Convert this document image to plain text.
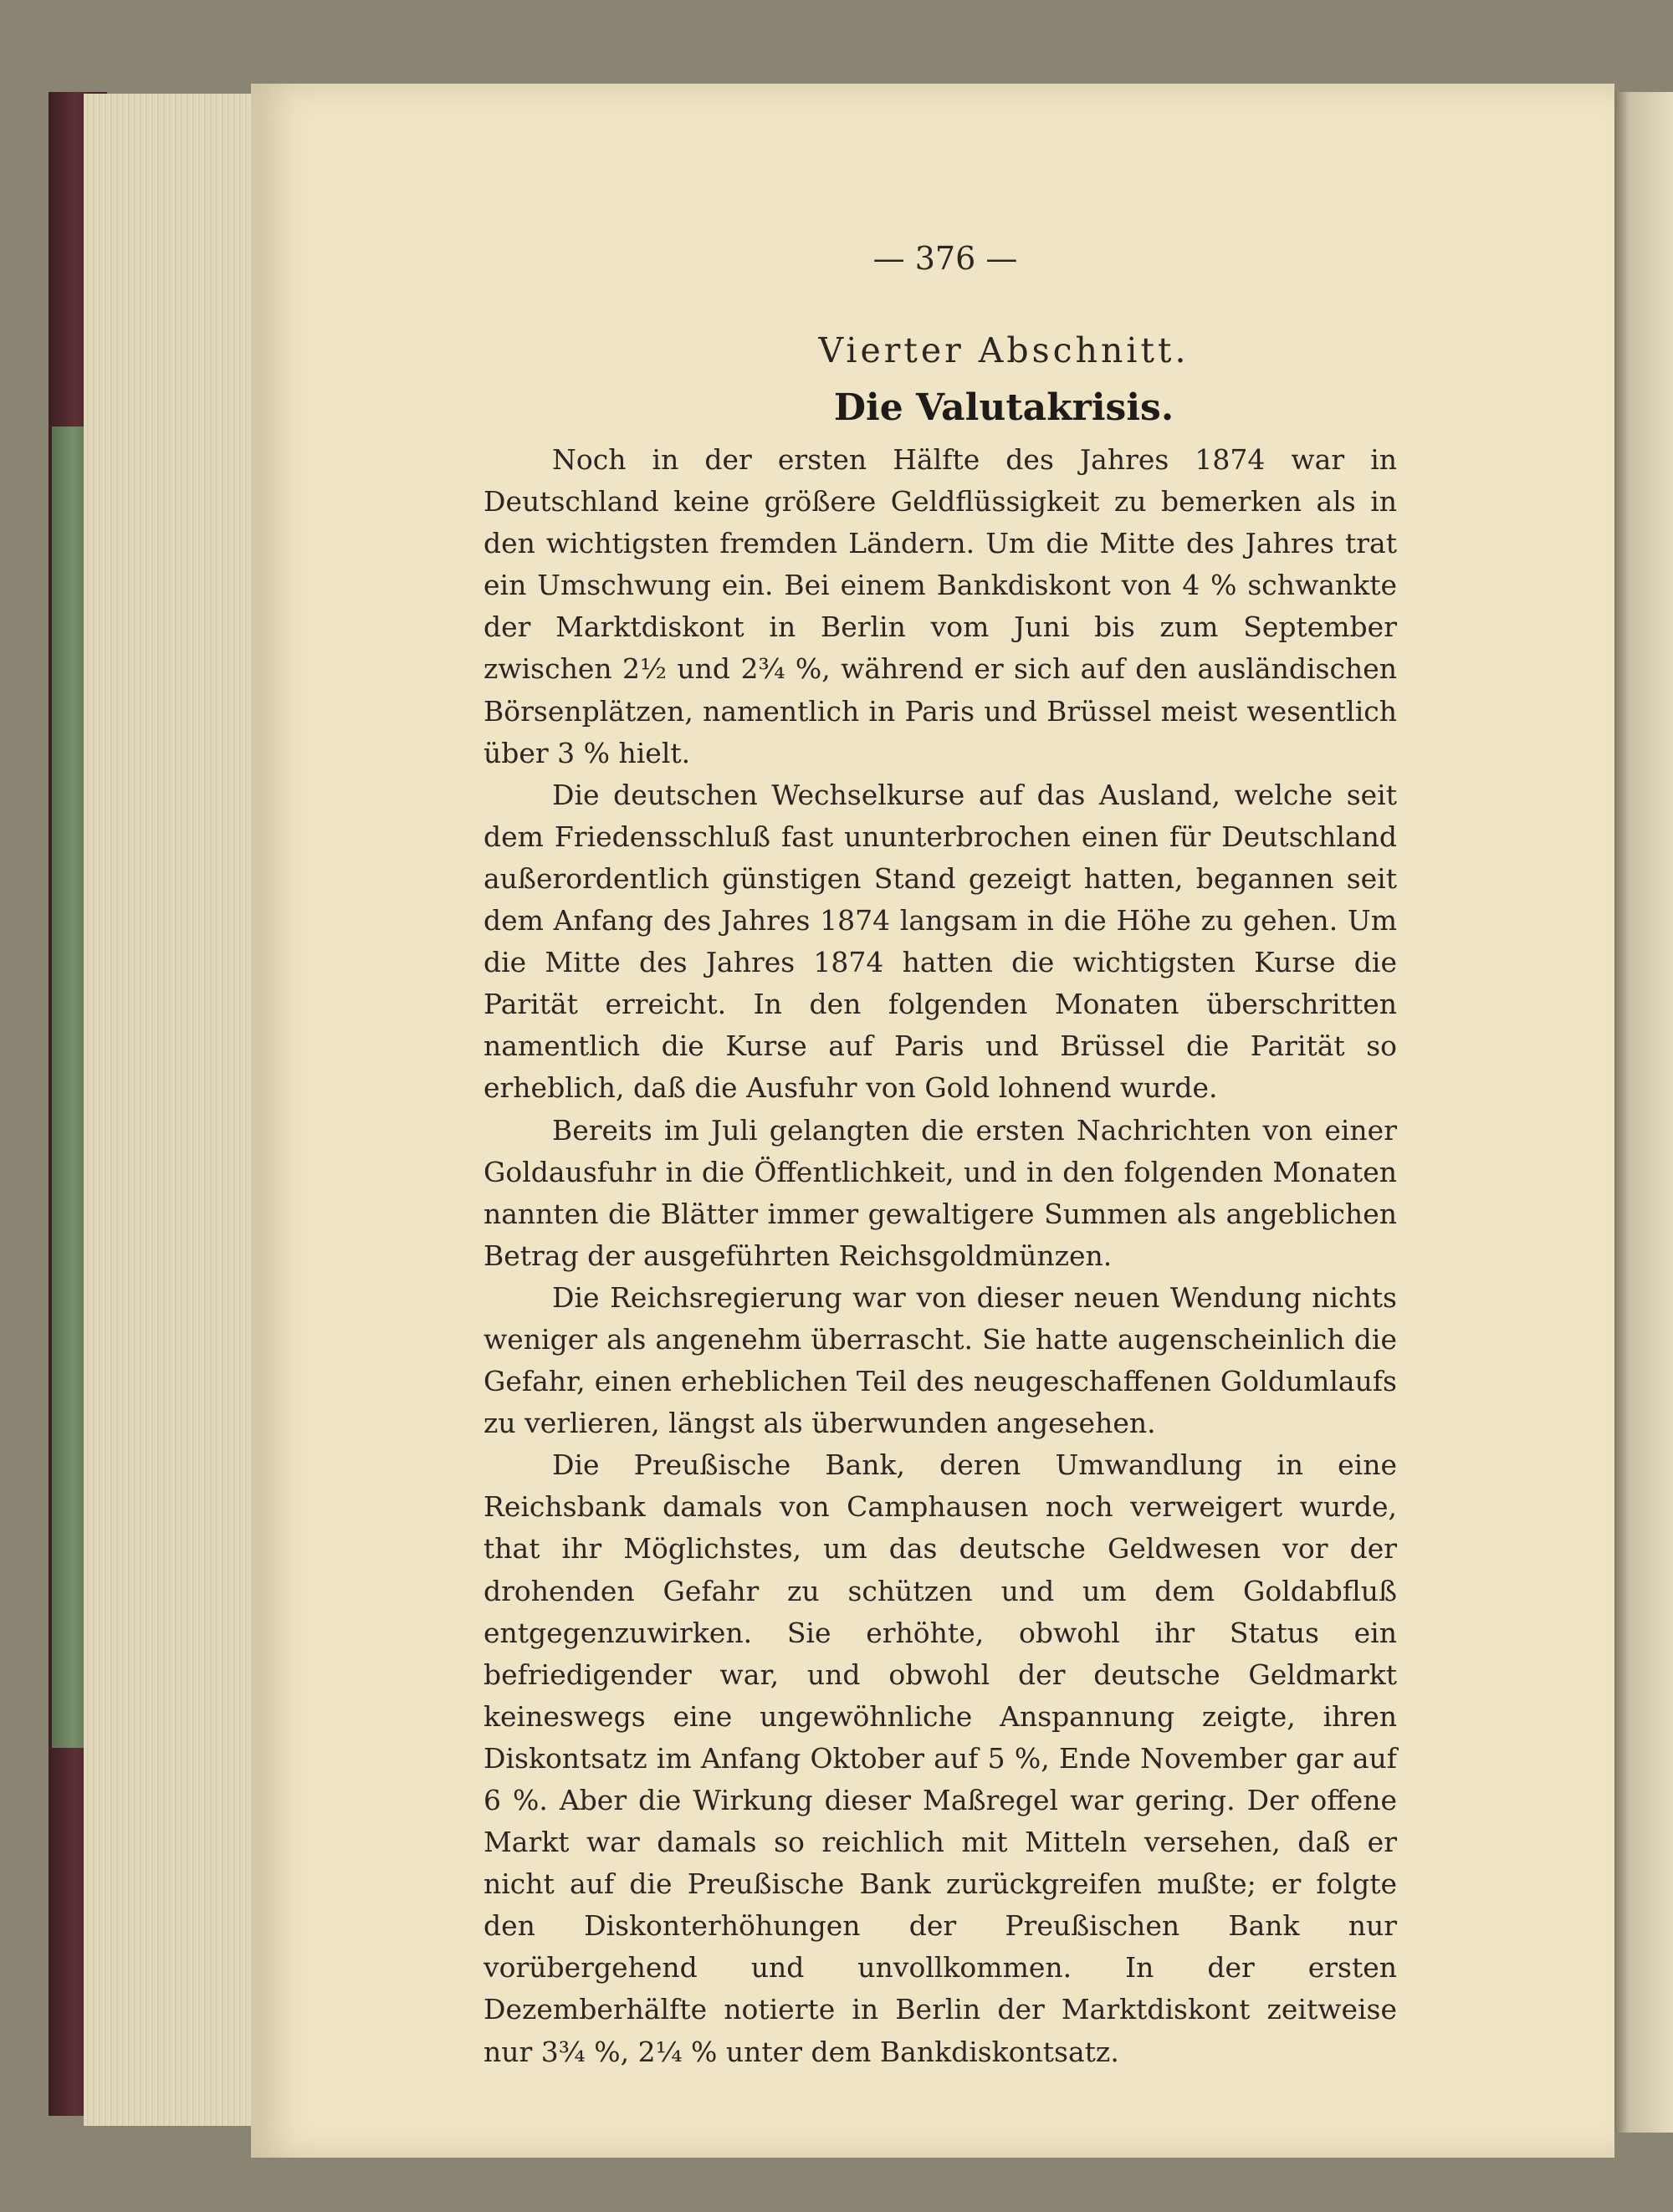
— 376 —
Vierter Abschnitt.
Die Valutakrisis.

Noch in der ersten Hälfte des Jahres 1874 war in Deutschland keine größere Geldflüssigkeit zu bemerken als in den wichtigsten fremden Ländern. Um die Mitte des Jahres trat ein Umschwung ein. Bei einem Bankdiskont von 4 % schwankte der Marktdiskont in Berlin vom Juni bis zum September zwischen 2½ und 2¾ %, während er sich auf den ausländischen Börsenplätzen, namentlich in Paris und Brüssel meist wesentlich über 3 % hielt.

Die deutschen Wechselkurse auf das Ausland, welche seit dem Friedensschluß fast ununterbrochen einen für Deutschland außerordentlich günstigen Stand gezeigt hatten, begannen seit dem Anfang des Jahres 1874 langsam in die Höhe zu gehen. Um die Mitte des Jahres 1874 hatten die wichtigsten Kurse die Parität erreicht. In den folgenden Monaten überschritten namentlich die Kurse auf Paris und Brüssel die Parität so erheblich, daß die Ausfuhr von Gold lohnend wurde.

Bereits im Juli gelangten die ersten Nachrichten von einer Goldausfuhr in die Öffentlichkeit, und in den folgenden Monaten nannten die Blätter immer gewaltigere Summen als angeblichen Betrag der ausgeführten Reichsgoldmünzen.

Die Reichsregierung war von dieser neuen Wendung nichts weniger als angenehm überrascht. Sie hatte augenscheinlich die Gefahr, einen erheblichen Teil des neugeschaffenen Goldumlaufs zu verlieren, längst als überwunden angesehen.

Die Preußische Bank, deren Umwandlung in eine Reichsbank damals von Camphausen noch verweigert wurde, that ihr Möglichstes, um das deutsche Geldwesen vor der drohenden Gefahr zu schützen und um dem Goldabfluß entgegenzuwirken. Sie erhöhte, obwohl ihr Status ein befriedigender war, und obwohl der deutsche Geldmarkt keineswegs eine ungewöhnliche Anspannung zeigte, ihren Diskontsatz im Anfang Oktober auf 5 %, Ende November gar auf 6 %. Aber die Wirkung dieser Maßregel war gering. Der offene Markt war damals so reichlich mit Mitteln versehen, daß er nicht auf die Preußische Bank zurückgreifen mußte; er folgte den Diskonterhöhungen der Preußischen Bank nur vorübergehend und unvollkommen. In der ersten Dezemberhälfte notierte in Berlin der Marktdiskont zeitweise nur 3¾ %, 2¼ % unter dem Bankdiskontsatz.
